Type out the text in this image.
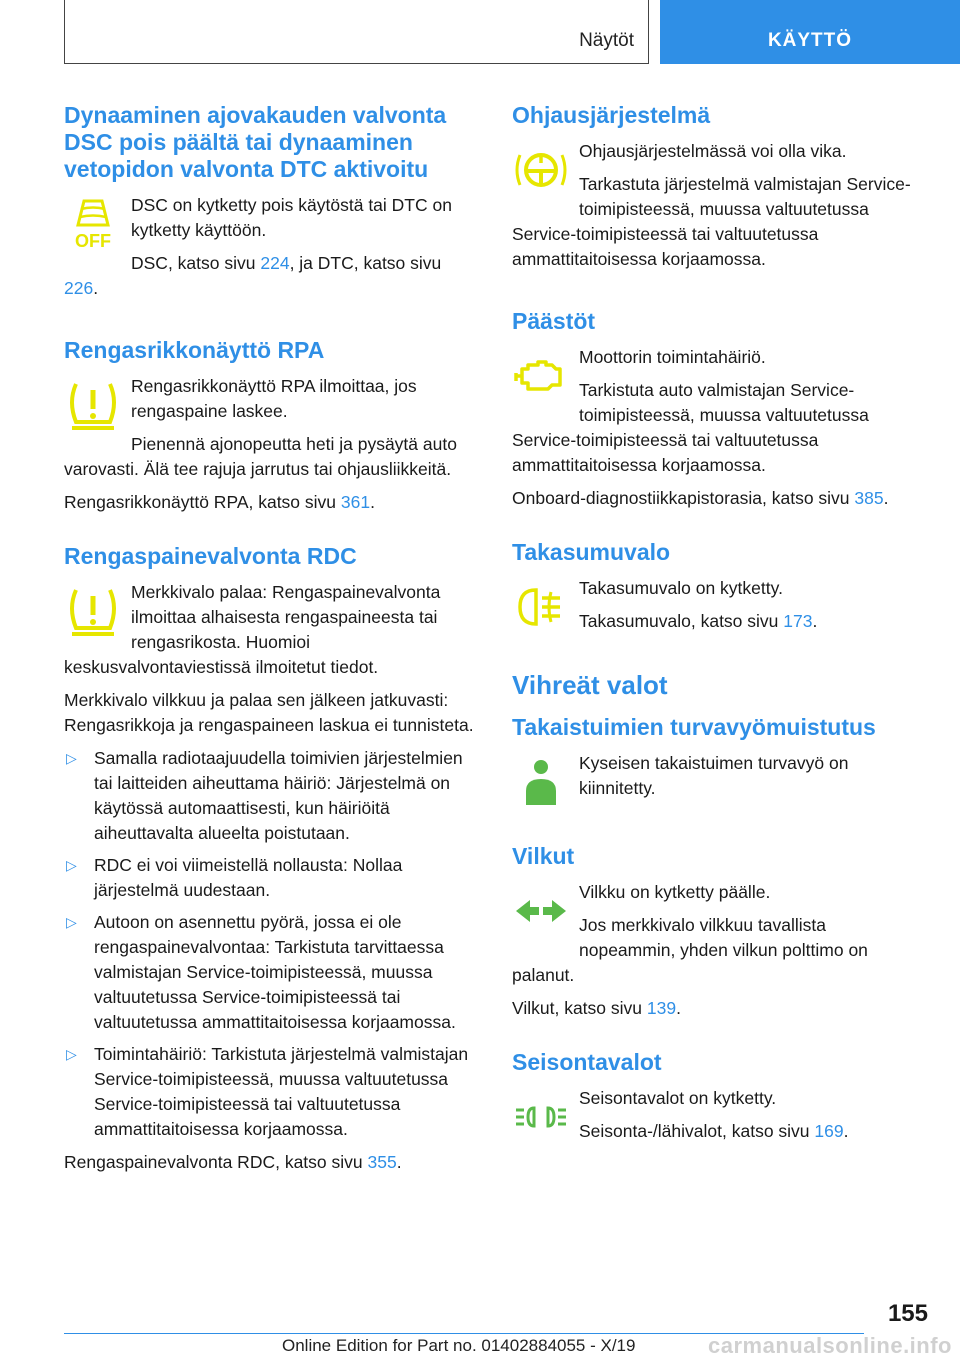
Näytöt	KÄYTTÖ
Dynaaminen ajovakauden valvonta DSC pois päältä tai dynaaminen vetopidon valvonta DTC aktivoitu
OFF

DSC on kytketty pois käytöstä tai DTC on kytketty käyttöön.

DSC, katso sivu 224, ja DTC, katso sivu 226.

Rengasrikkonäyttö RPA

Rengasrikkonäyttö RPA ilmoittaa, jos rengaspaine laskee.

Pienennä ajonopeutta heti ja pysäytä auto varovasti. Älä tee rajuja jarrutus tai ohjausliikkeitä.

Rengasrikkonäyttö RPA, katso sivu 361.

Rengaspainevalvonta RDC

Merkkivalo palaa: Rengaspainevalvonta ilmoittaa alhaisesta rengaspaineesta tai rengasrikosta. Huomioi keskusvalvontaviestissä ilmoitetut tiedot.

Merkkivalo vilkkuu ja palaa sen jälkeen jatkuvasti: Rengasrikkoja ja rengaspaineen laskua ei tunnisteta.

▷ Samalla radiotaajuudella toimivien järjestelmien tai laitteiden aiheuttama häiriö: Järjestelmä on käytössä automaattisesti, kun häiriöitä aiheuttavalta alueelta poistutaan.
▷ RDC ei voi viimeistellä nollausta: Nollaa järjestelmä uudestaan.
▷ Autoon on asennettu pyörä, jossa ei ole rengaspainevalvontaa: Tarkistuta tarvittaessa valmistajan Service-toimipisteessä, muussa valtuutetussa Service-toimipisteessä tai valtuutetussa ammattitaitoisessa korjaamossa.
▷ Toimintahäiriö: Tarkistuta järjestelmä valmistajan Service-toimipisteessä, muussa valtuutetussa Service-toimipisteessä tai valtuutetussa ammattitaitoisessa korjaamossa.

Rengaspainevalvonta RDC, katso sivu 355.

Ohjausjärjestelmä

Ohjausjärjestelmässä voi olla vika.

Tarkastuta järjestelmä valmistajan Service-toimipisteessä, muussa valtuutetussa Service-toimipisteessä tai valtuutetussa ammattitaitoisessa korjaamossa.

Päästöt

Moottorin toimintahäiriö.

Tarkistuta auto valmistajan Service-toimipisteessä, muussa valtuutetussa Service-toimipisteessä tai valtuutetussa ammattitaitoisessa korjaamossa.

Onboard-diagnostiikkapistorasia, katso sivu 385.

Takasumuvalo

Takasumuvalo on kytketty.

Takasumuvalo, katso sivu 173.

Vihreät valot
Takaistuimien turvavyömuistutus

Kyseisen takaistuimen turvavyö on kiinnitetty.

Vilkut

Vilkku on kytketty päälle.

Jos merkkivalo vilkkuu tavallista nopeammin, yhden vilkun polttimo on palanut.

Vilkut, katso sivu 139.

Seisontavalot

Seisontavalot on kytketty.

Seisonta-/lähivalot, katso sivu 169.

155
Online Edition for Part no. 01402884055 - X/19	carmanualsonline.info
